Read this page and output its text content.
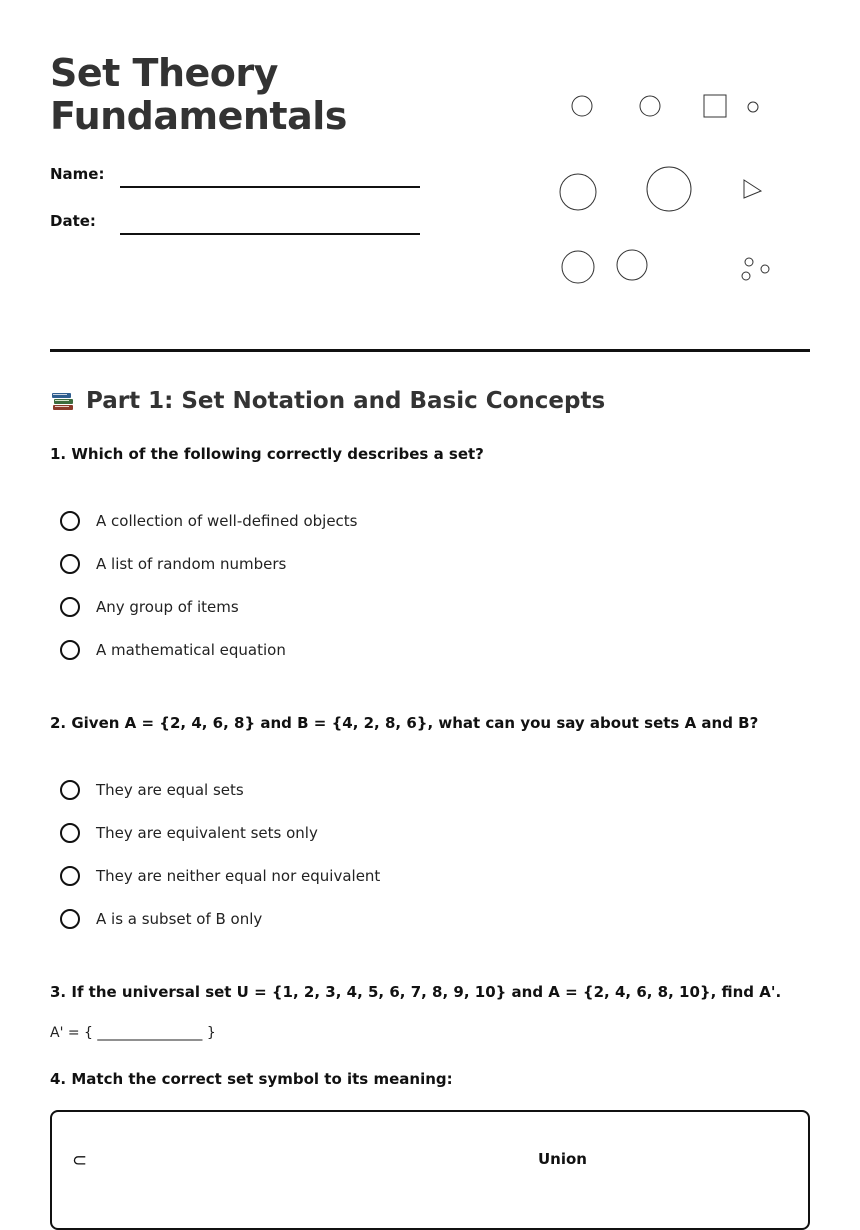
Set Theory
Fundamentals
Name:
Date:
Part 1: Set Notation and Basic Concepts
1. Which of the following correctly describes a set?
A collection of well-defined objects
A list of random numbers
Any group of items
A mathematical equation
2. Given A = {2, 4, 6, 8} and B = {4, 2, 8, 6}, what can you say about sets A and B?
They are equal sets
They are equivalent sets only
They are neither equal nor equivalent
A is a subset of B only
3. If the universal set U = {1, 2, 3, 4, 5, 6, 7, 8, 9, 10} and A = {2, 4, 6, 8, 10}, find A'.
A' = { _______________ }
4. Match the correct set symbol to its meaning:
⊂	Union
